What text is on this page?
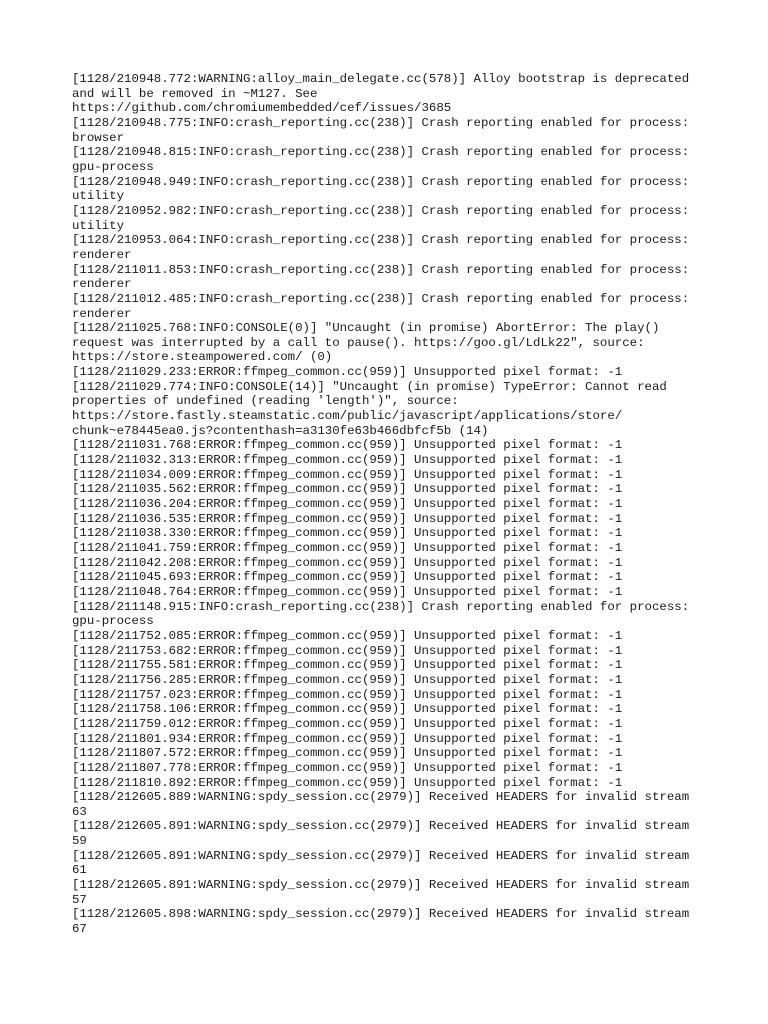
[1128/210948.772:WARNING:alloy_main_delegate.cc(578)] Alloy bootstrap is deprecated
and will be removed in ~M127. See
https://github.com/chromiumembedded/cef/issues/3685
[1128/210948.775:INFO:crash_reporting.cc(238)] Crash reporting enabled for process:
browser
[1128/210948.815:INFO:crash_reporting.cc(238)] Crash reporting enabled for process:
gpu-process
[1128/210948.949:INFO:crash_reporting.cc(238)] Crash reporting enabled for process:
utility
[1128/210952.982:INFO:crash_reporting.cc(238)] Crash reporting enabled for process:
utility
[1128/210953.064:INFO:crash_reporting.cc(238)] Crash reporting enabled for process:
renderer
[1128/211011.853:INFO:crash_reporting.cc(238)] Crash reporting enabled for process:
renderer
[1128/211012.485:INFO:crash_reporting.cc(238)] Crash reporting enabled for process:
renderer
[1128/211025.768:INFO:CONSOLE(0)] "Uncaught (in promise) AbortError: The play()
request was interrupted by a call to pause(). https://goo.gl/LdLk22", source:
https://store.steampowered.com/ (0)
[1128/211029.233:ERROR:ffmpeg_common.cc(959)] Unsupported pixel format: -1
[1128/211029.774:INFO:CONSOLE(14)] "Uncaught (in promise) TypeError: Cannot read
properties of undefined (reading 'length')", source:
https://store.fastly.steamstatic.com/public/javascript/applications/store/
chunk~e78445ea0.js?contenthash=a3130fe63b466dbfcf5b (14)
[1128/211031.768:ERROR:ffmpeg_common.cc(959)] Unsupported pixel format: -1
[1128/211032.313:ERROR:ffmpeg_common.cc(959)] Unsupported pixel format: -1
[1128/211034.009:ERROR:ffmpeg_common.cc(959)] Unsupported pixel format: -1
[1128/211035.562:ERROR:ffmpeg_common.cc(959)] Unsupported pixel format: -1
[1128/211036.204:ERROR:ffmpeg_common.cc(959)] Unsupported pixel format: -1
[1128/211036.535:ERROR:ffmpeg_common.cc(959)] Unsupported pixel format: -1
[1128/211038.330:ERROR:ffmpeg_common.cc(959)] Unsupported pixel format: -1
[1128/211041.759:ERROR:ffmpeg_common.cc(959)] Unsupported pixel format: -1
[1128/211042.208:ERROR:ffmpeg_common.cc(959)] Unsupported pixel format: -1
[1128/211045.693:ERROR:ffmpeg_common.cc(959)] Unsupported pixel format: -1
[1128/211048.764:ERROR:ffmpeg_common.cc(959)] Unsupported pixel format: -1
[1128/211148.915:INFO:crash_reporting.cc(238)] Crash reporting enabled for process:
gpu-process
[1128/211752.085:ERROR:ffmpeg_common.cc(959)] Unsupported pixel format: -1
[1128/211753.682:ERROR:ffmpeg_common.cc(959)] Unsupported pixel format: -1
[1128/211755.581:ERROR:ffmpeg_common.cc(959)] Unsupported pixel format: -1
[1128/211756.285:ERROR:ffmpeg_common.cc(959)] Unsupported pixel format: -1
[1128/211757.023:ERROR:ffmpeg_common.cc(959)] Unsupported pixel format: -1
[1128/211758.106:ERROR:ffmpeg_common.cc(959)] Unsupported pixel format: -1
[1128/211759.012:ERROR:ffmpeg_common.cc(959)] Unsupported pixel format: -1
[1128/211801.934:ERROR:ffmpeg_common.cc(959)] Unsupported pixel format: -1
[1128/211807.572:ERROR:ffmpeg_common.cc(959)] Unsupported pixel format: -1
[1128/211807.778:ERROR:ffmpeg_common.cc(959)] Unsupported pixel format: -1
[1128/211810.892:ERROR:ffmpeg_common.cc(959)] Unsupported pixel format: -1
[1128/212605.889:WARNING:spdy_session.cc(2979)] Received HEADERS for invalid stream
63
[1128/212605.891:WARNING:spdy_session.cc(2979)] Received HEADERS for invalid stream
59
[1128/212605.891:WARNING:spdy_session.cc(2979)] Received HEADERS for invalid stream
61
[1128/212605.891:WARNING:spdy_session.cc(2979)] Received HEADERS for invalid stream
57
[1128/212605.898:WARNING:spdy_session.cc(2979)] Received HEADERS for invalid stream
67
